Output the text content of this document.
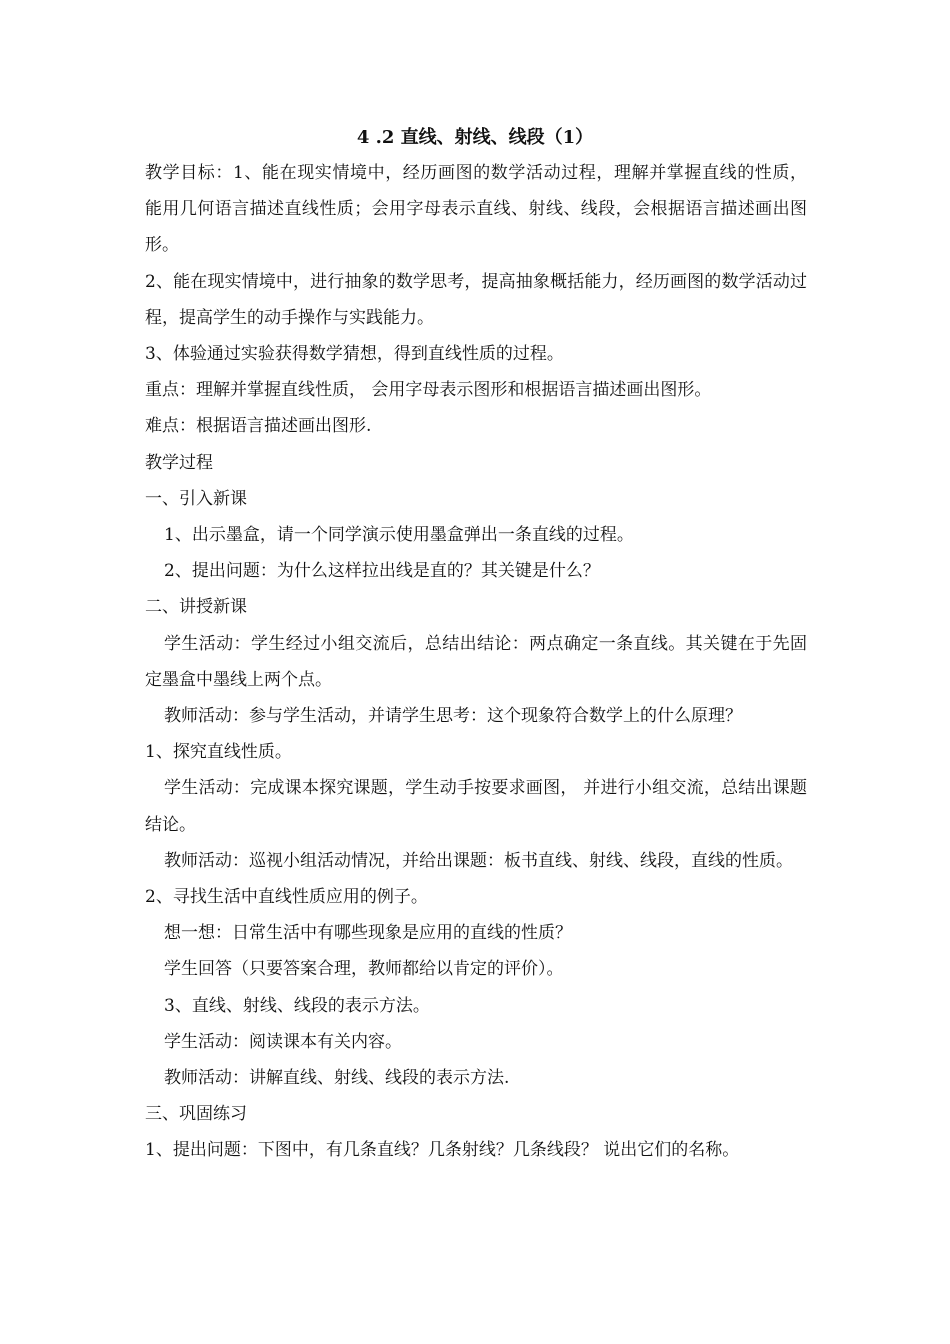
4 .2 直线、射线、线段（1）

教学目标：1、能在现实情境中，经历画图的数学活动过程，理解并掌握直线的性质， 能用几何语言描述直线性质；会用字母表示直线、射线、线段，会根据语言描述画出图形。

2、能在现实情境中，进行抽象的数学思考，提高抽象概括能力，经历画图的数学活动过程，提高学生的动手操作与实践能力。

3、体验通过实验获得数学猜想，得到直线性质的过程。

重点：理解并掌握直线性质， 会用字母表示图形和根据语言描述画出图形。

难点：根据语言描述画出图形.

教学过程

一、引入新课

1、出示墨盒，请一个同学演示使用墨盒弹出一条直线的过程。

2、提出问题：为什么这样拉出线是直的？其关键是什么？

二、讲授新课

学生活动：学生经过小组交流后，总结出结论：两点确定一条直线。其关键在于先固定墨盒中墨线上两个点。

教师活动：参与学生活动，并请学生思考：这个现象符合数学上的什么原理？

1、探究直线性质。

学生活动：完成课本探究课题，学生动手按要求画图， 并进行小组交流，总结出课题结论。

教师活动：巡视小组活动情况，并给出课题：板书直线、射线、线段，直线的性质。

2、寻找生活中直线性质应用的例子。

想一想：日常生活中有哪些现象是应用的直线的性质？

学生回答（只要答案合理，教师都给以肯定的评价）。

3、直线、射线、线段的表示方法。

学生活动：阅读课本有关内容。

教师活动：讲解直线、射线、线段的表示方法.

三、巩固练习

1、提出问题：下图中，有几条直线？几条射线？几条线段？ 说出它们的名称。
